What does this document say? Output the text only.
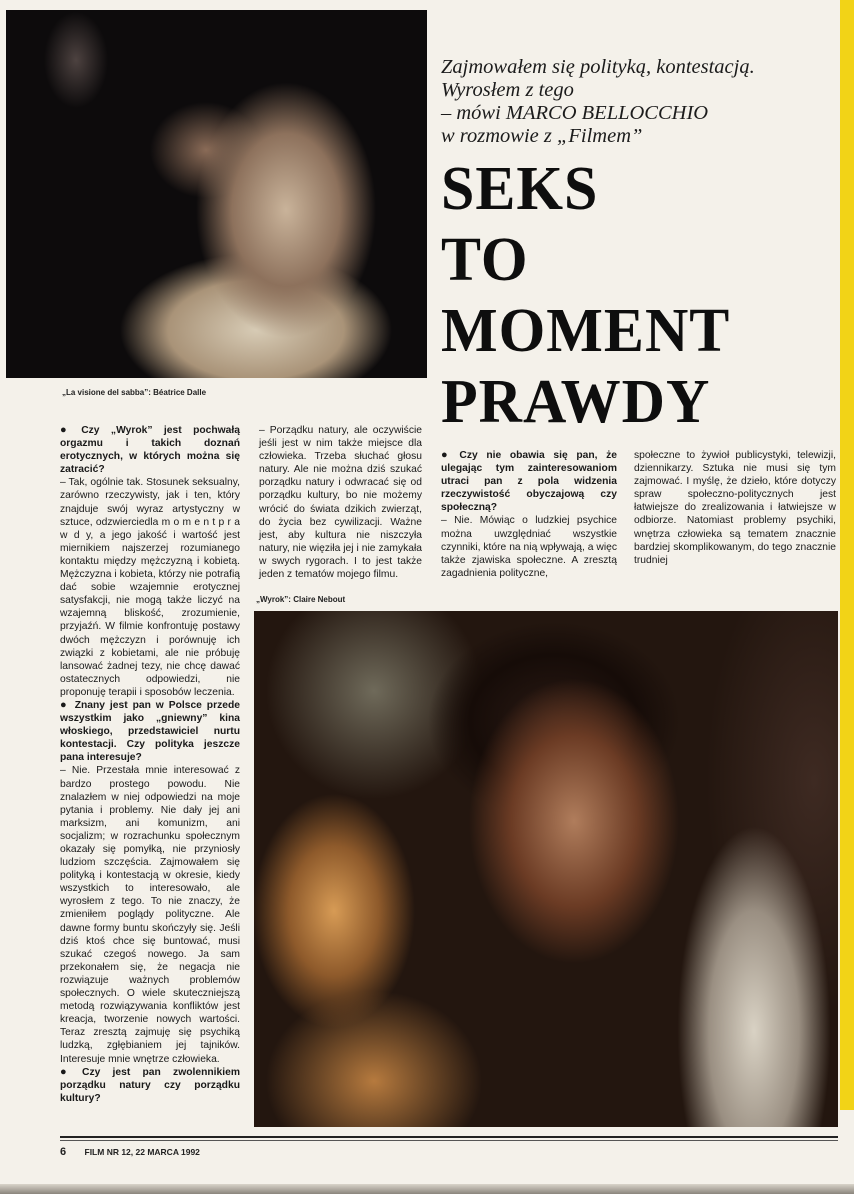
„La visione del sabba”: Béatrice Dalle
Zajmowałem się polityką, kontestacją.
Wyrosłem z tego
– mówi MARCO BELLOCCHIO
w rozmowie z „Filmem”
SEKS
TO
MOMENT
PRAWDY

● Czy „Wyrok” jest pochwałą orgazmu i takich doznań erotycznych, w których można się zatracić?

– Tak, ogólnie tak. Stosunek seksualny, zarówno rzeczywisty, jak i ten, który znajduje swój wyraz artystyczny w sztuce, odzwierciedla m o m e n t p r a w d y, a jego jakość i wartość jest miernikiem najszerzej rozumianego kontaktu między mężczyzną i kobietą. Mężczyzna i kobieta, którzy nie potrafią dać sobie wzajemnie erotycznej satysfakcji, nie mogą także liczyć na wzajemną bliskość, zrozumienie, przyjaźń. W filmie konfrontuję postawy dwóch mężczyzn i porównuję ich związki z kobietami, ale nie próbuję lansować żadnej tezy, nie chcę dawać ostatecznych odpowiedzi, nie proponuję terapii i sposobów leczenia.

● Znany jest pan w Polsce przede wszystkim jako „gniewny” kina włoskiego, przedstawiciel nurtu kontestacji. Czy polityka jeszcze pana interesuje?

– Nie. Przestała mnie interesować z bardzo prostego powodu. Nie znalazłem w niej odpowiedzi na moje pytania i problemy. Nie dały jej ani marksizm, ani komunizm, ani socjalizm; w rozrachunku społecznym okazały się pomyłką, nie przyniosły ludziom szczęścia. Zajmowałem się polityką i kontestacją w okresie, kiedy wszystkich to interesowało, ale wyrosłem z tego. To nie znaczy, że zmieniłem poglądy polityczne. Ale dawne formy buntu skończyły się. Jeśli dziś ktoś chce się buntować, musi szukać czegoś nowego. Ja sam przekonałem się, że negacja nie rozwiązuje ważnych problemów społecznych. O wiele skuteczniejszą metodą rozwiązywania konfliktów jest kreacja, tworzenie nowych wartości. Teraz zresztą zajmuję się psychiką ludzką, zgłębianiem jej tajników. Interesuje mnie wnętrze człowieka.

● Czy jest pan zwolennikiem porządku natury czy porządku kultury?

– Porządku natury, ale oczywiście jeśli jest w nim także miejsce dla człowieka. Trzeba słuchać głosu natury. Ale nie można dziś szukać porządku natury i odwracać się od porządku kultury, bo nie możemy wrócić do świata dzikich zwierząt, do życia bez cywilizacji. Ważne jest, aby kultura nie niszczyła natury, nie więziła jej i nie zamykała w swych rygorach. I to jest także jeden z tematów mojego filmu.

● Czy nie obawia się pan, że ulegając tym zainteresowaniom utraci pan z pola widzenia rzeczywistość obyczajową czy społeczną?

– Nie. Mówiąc o ludzkiej psychice można uwzględniać wszystkie czynniki, które na nią wpływają, a więc także zjawiska społeczne. A zresztą zagadnienia polityczne,

społeczne to żywioł publicystyki, telewizji, dziennikarzy. Sztuka nie musi się tym zajmować. I myślę, że dzieło, które dotyczy spraw społeczno-politycznych jest łatwiejsze do zrealizowania i łatwiejsze w odbiorze. Natomiast problemy psychiki, wnętrza człowieka są tematem znacznie bardziej skomplikowanym, do tego znacznie trudniej

„Wyrok”: Claire Nebout
6 FILM NR 12, 22 MARCA 1992
